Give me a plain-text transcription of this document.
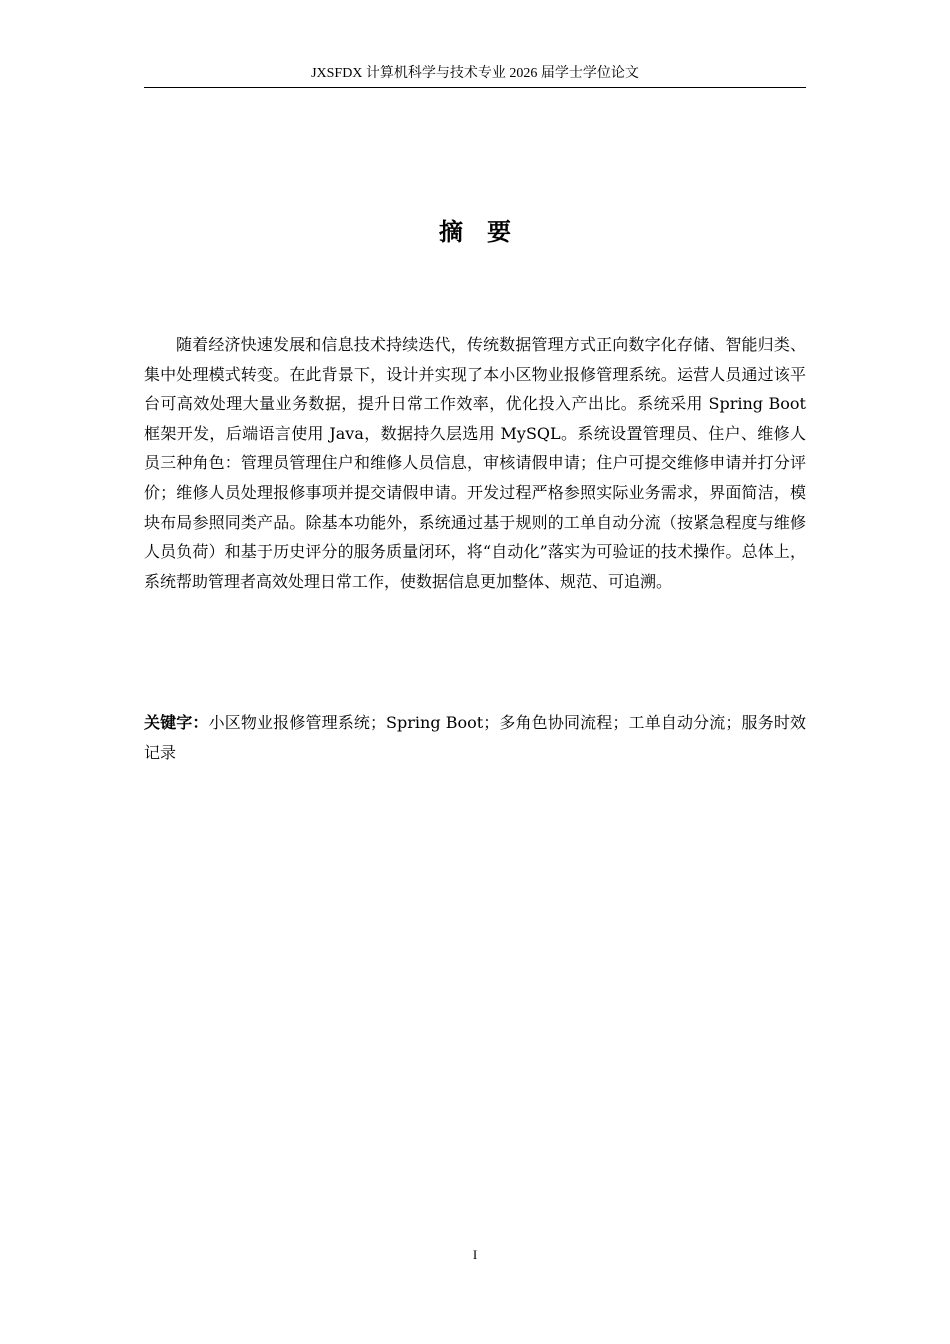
JXSFDX 计算机科学与技术专业 2026 届学士学位论文
摘　要

随着经济快速发展和信息技术持续迭代，传统数据管理方式正向数字化存储、智能归类、集中处理模式转变。在此背景下，设计并实现了本小区物业报修管理系统。运营人员通过该平台可高效处理大量业务数据，提升日常工作效率，优化投入产出比。系统采用 Spring Boot 框架开发，后端语言使用 Java，数据持久层选用 MySQL。系统设置管理员、住户、维修人员三种角色：管理员管理住户和维修人员信息，审核请假申请；住户可提交维修申请并打分评价；维修人员处理报修事项并提交请假申请。开发过程严格参照实际业务需求，界面简洁，模块布局参照同类产品。除基本功能外，系统通过基于规则的工单自动分流（按紧急程度与维修人员负荷）和基于历史评分的服务质量闭环，将“自动化”落实为可验证的技术操作。总体上，系统帮助管理者高效处理日常工作，使数据信息更加整体、规范、可追溯。

关键字：小区物业报修管理系统；Spring Boot；多角色协同流程；工单自动分流；服务时效记录

I
